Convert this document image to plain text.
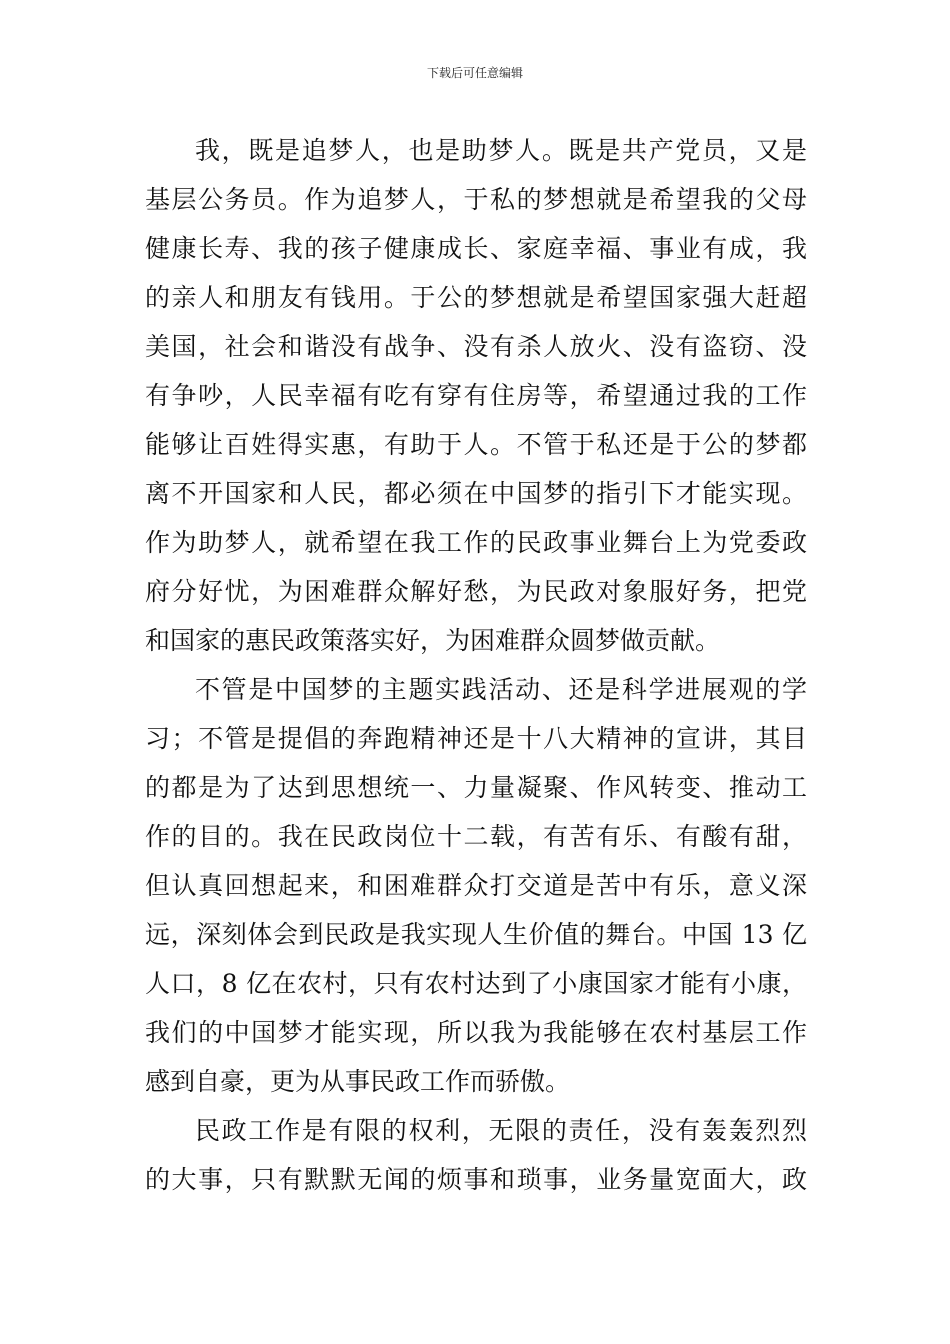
下载后可任意编辑
我，既是追梦人，也是助梦人。既是共产党员，又是
基层公务员。作为追梦人，于私的梦想就是希望我的父母
健康长寿、我的孩子健康成长、家庭幸福、事业有成，我
的亲人和朋友有钱用。于公的梦想就是希望国家强大赶超
美国，社会和谐没有战争、没有杀人放火、没有盗窃、没
有争吵，人民幸福有吃有穿有住房等，希望通过我的工作
能够让百姓得实惠，有助于人。不管于私还是于公的梦都
离不开国家和人民，都必须在中国梦的指引下才能实现。
作为助梦人，就希望在我工作的民政事业舞台上为党委政
府分好忧，为困难群众解好愁，为民政对象服好务，把党
和国家的惠民政策落实好，为困难群众圆梦做贡献。
不管是中国梦的主题实践活动、还是科学进展观的学
习；不管是提倡的奔跑精神还是十八大精神的宣讲，其目
的都是为了达到思想统一、力量凝聚、作风转变、推动工
作的目的。我在民政岗位十二载，有苦有乐、有酸有甜，
但认真回想起来，和困难群众打交道是苦中有乐，意义深
远，深刻体会到民政是我实现人生价值的舞台。中国 13 亿
人口，8 亿在农村，只有农村达到了小康国家才能有小康，
我们的中国梦才能实现，所以我为我能够在农村基层工作
感到自豪，更为从事民政工作而骄傲。
民政工作是有限的权利，无限的责任，没有轰轰烈烈
的大事，只有默默无闻的烦事和琐事，业务量宽面大，政
